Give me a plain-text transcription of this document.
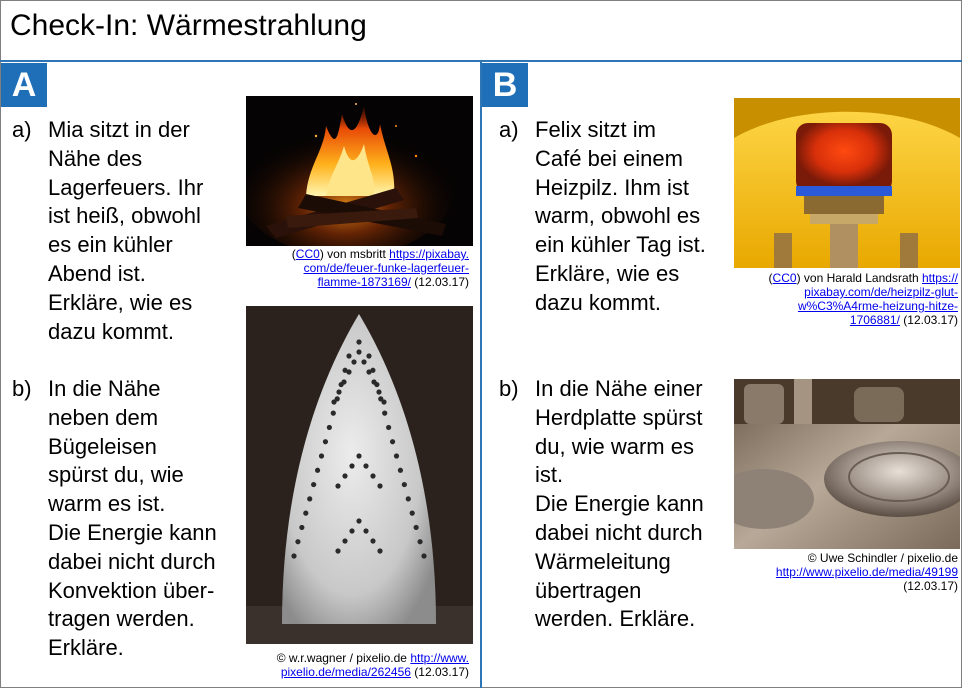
Check-In: Wärmestrahlung
A
a) Mia sitzt in der
Nähe des
Lagerfeuers. Ihr
ist heiß, obwohl
es ein kühler
Abend ist.
Erkläre, wie es
dazu kommt.
b) In die Nähe
neben dem
Bügeleisen
spürst du, wie
warm es ist.
Die Energie kann
dabei nicht durch
Konvektion über-
tragen werden.
Erkläre.
(CC0) von msbritt https://pixabay.
com/de/feuer-funke-lagerfeuer-
flamme-1873169/ (12.03.17)
© w.r.wagner / pixelio.de http://www.
pixelio.de/media/262456 (12.03.17)
B
a) Felix sitzt im
Café bei einem
Heizpilz. Ihm ist
warm, obwohl es
ein kühler Tag ist.
Erkläre, wie es
dazu kommt.
b) In die Nähe einer
Herdplatte spürst
du, wie warm es
ist.
Die Energie kann
dabei nicht durch
Wärmeleitung
übertragen
werden. Erkläre.
(CC0) von Harald Landsrath https://
pixabay.com/de/heizpilz-glut-
w%C3%A4rme-heizung-hitze-
1706881/ (12.03.17)
© Uwe Schindler / pixelio.de
http://www.pixelio.de/media/49199
(12.03.17)
